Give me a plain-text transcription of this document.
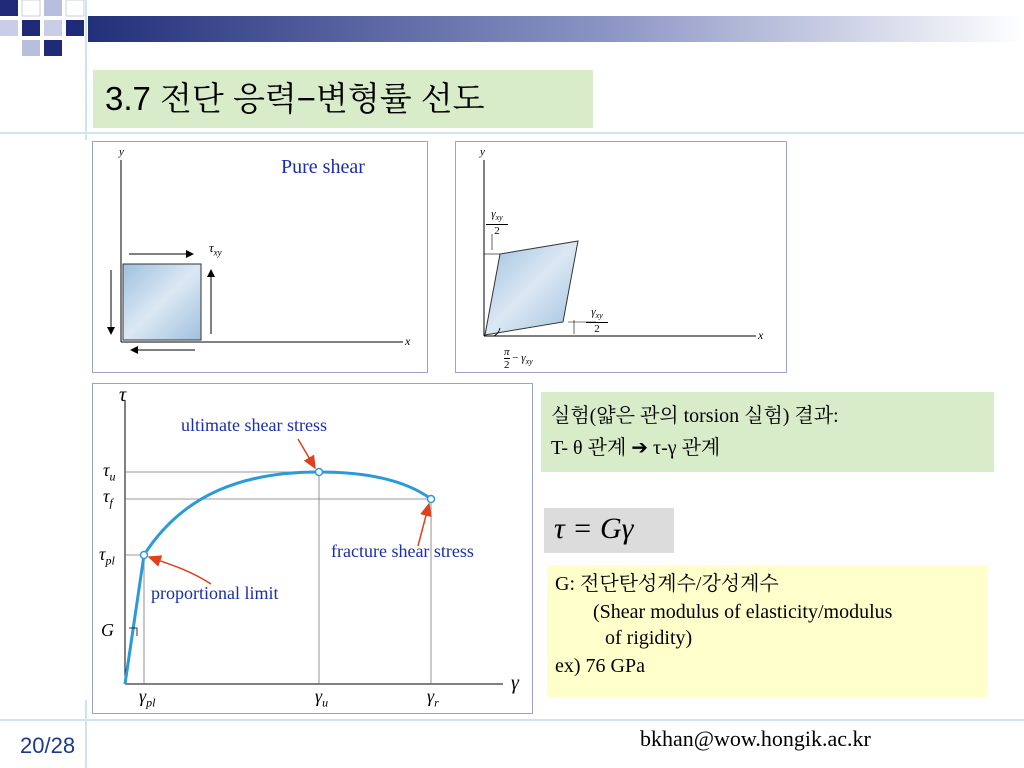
3.7 전단 응력−변형률 선도
y
x
Pure shear
$\tau_{xy}$
y
x
$\gamma_{xy}$
2
$\gamma_{xy}$
2
$\frac{\pi}{2} - \gamma_{xy}$
τ
γ
$\tau_u$
$\tau_f$
$\tau_{pl}$
G
$\gamma_{pl}$	$\gamma_u$	$\gamma_r$
ultimate shear stress
fracture shear stress
proportional limit
실험(얇은 관의 torsion 실험) 결과:
T- θ 관계 ➔ τ-γ 관계
τ = Gγ
G: 전단탄성계수/강성계수
(Shear modulus of elasticity/modulus
of rigidity)
ex) 76 GPa
20/28	bkhan@wow.hongik.ac.kr
